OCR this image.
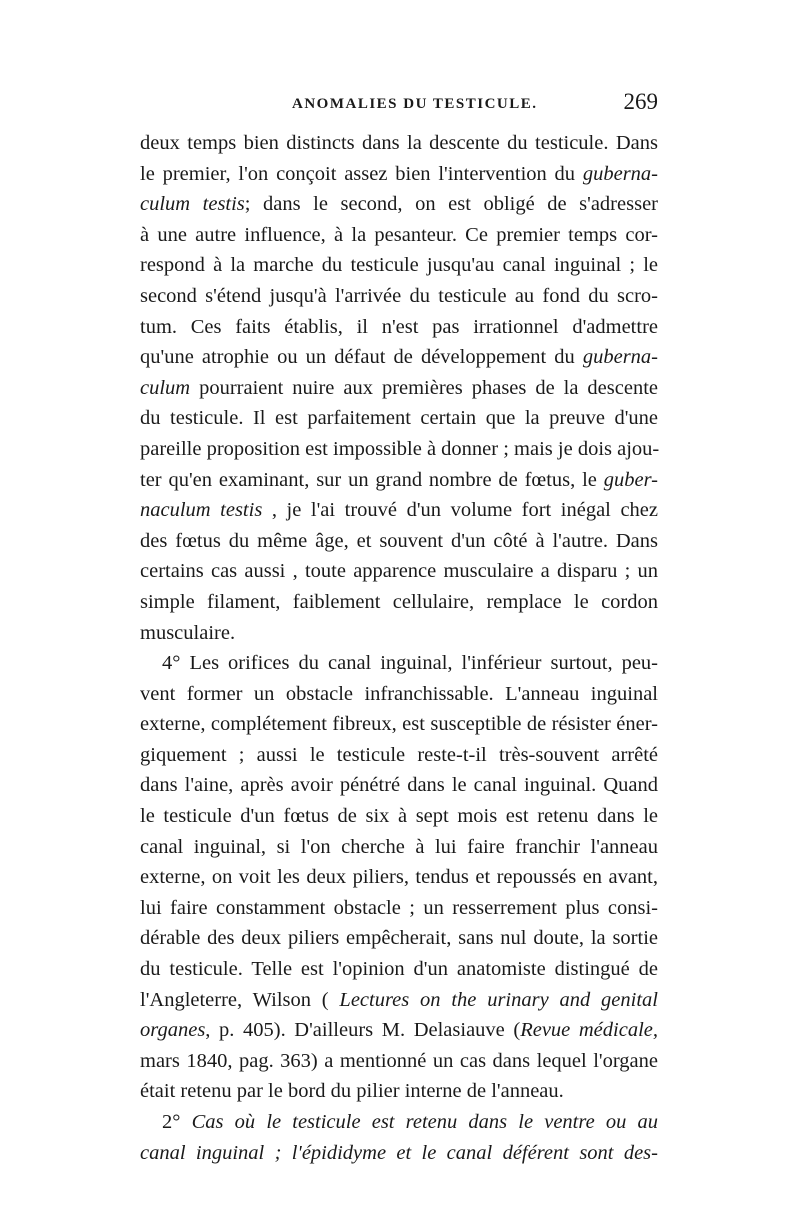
ANOMALIES DU TESTICULE.	269
deux temps bien distincts dans la descente du testicule. Dans
le premier, l'on conçoit assez bien l'intervention du guberna-
culum testis; dans le second, on est obligé de s'adresser
à une autre influence, à la pesanteur. Ce premier temps cor-
respond à la marche du testicule jusqu'au canal inguinal ; le
second s'étend jusqu'à l'arrivée du testicule au fond du scro-
tum. Ces faits établis, il n'est pas irrationnel d'admettre
qu'une atrophie ou un défaut de développement du guberna-
culum pourraient nuire aux premières phases de la descente
du testicule. Il est parfaitement certain que la preuve d'une
pareille proposition est impossible à donner ; mais je dois ajou-
ter qu'en examinant, sur un grand nombre de fœtus, le guber-
naculum testis , je l'ai trouvé d'un volume fort inégal chez
des fœtus du même âge, et souvent d'un côté à l'autre. Dans
certains cas aussi , toute apparence musculaire a disparu ; un
simple filament, faiblement cellulaire, remplace le cordon
musculaire.
4° Les orifices du canal inguinal, l'inférieur surtout, peu-
vent former un obstacle infranchissable. L'anneau inguinal
externe, complétement fibreux, est susceptible de résister éner-
giquement ; aussi le testicule reste-t-il très-souvent arrêté
dans l'aine, après avoir pénétré dans le canal inguinal. Quand
le testicule d'un fœtus de six à sept mois est retenu dans le
canal inguinal, si l'on cherche à lui faire franchir l'anneau
externe, on voit les deux piliers, tendus et repoussés en avant,
lui faire constamment obstacle ; un resserrement plus consi-
dérable des deux piliers empêcherait, sans nul doute, la sortie
du testicule. Telle est l'opinion d'un anatomiste distingué de
l'Angleterre, Wilson ( Lectures on the urinary and genital
organes, p. 405). D'ailleurs M. Delasiauve (Revue médicale,
mars 1840, pag. 363) a mentionné un cas dans lequel l'organe
était retenu par le bord du pilier interne de l'anneau.
2° Cas où le testicule est retenu dans le ventre ou au
canal inguinal ; l'épididyme et le canal déférent sont des-
